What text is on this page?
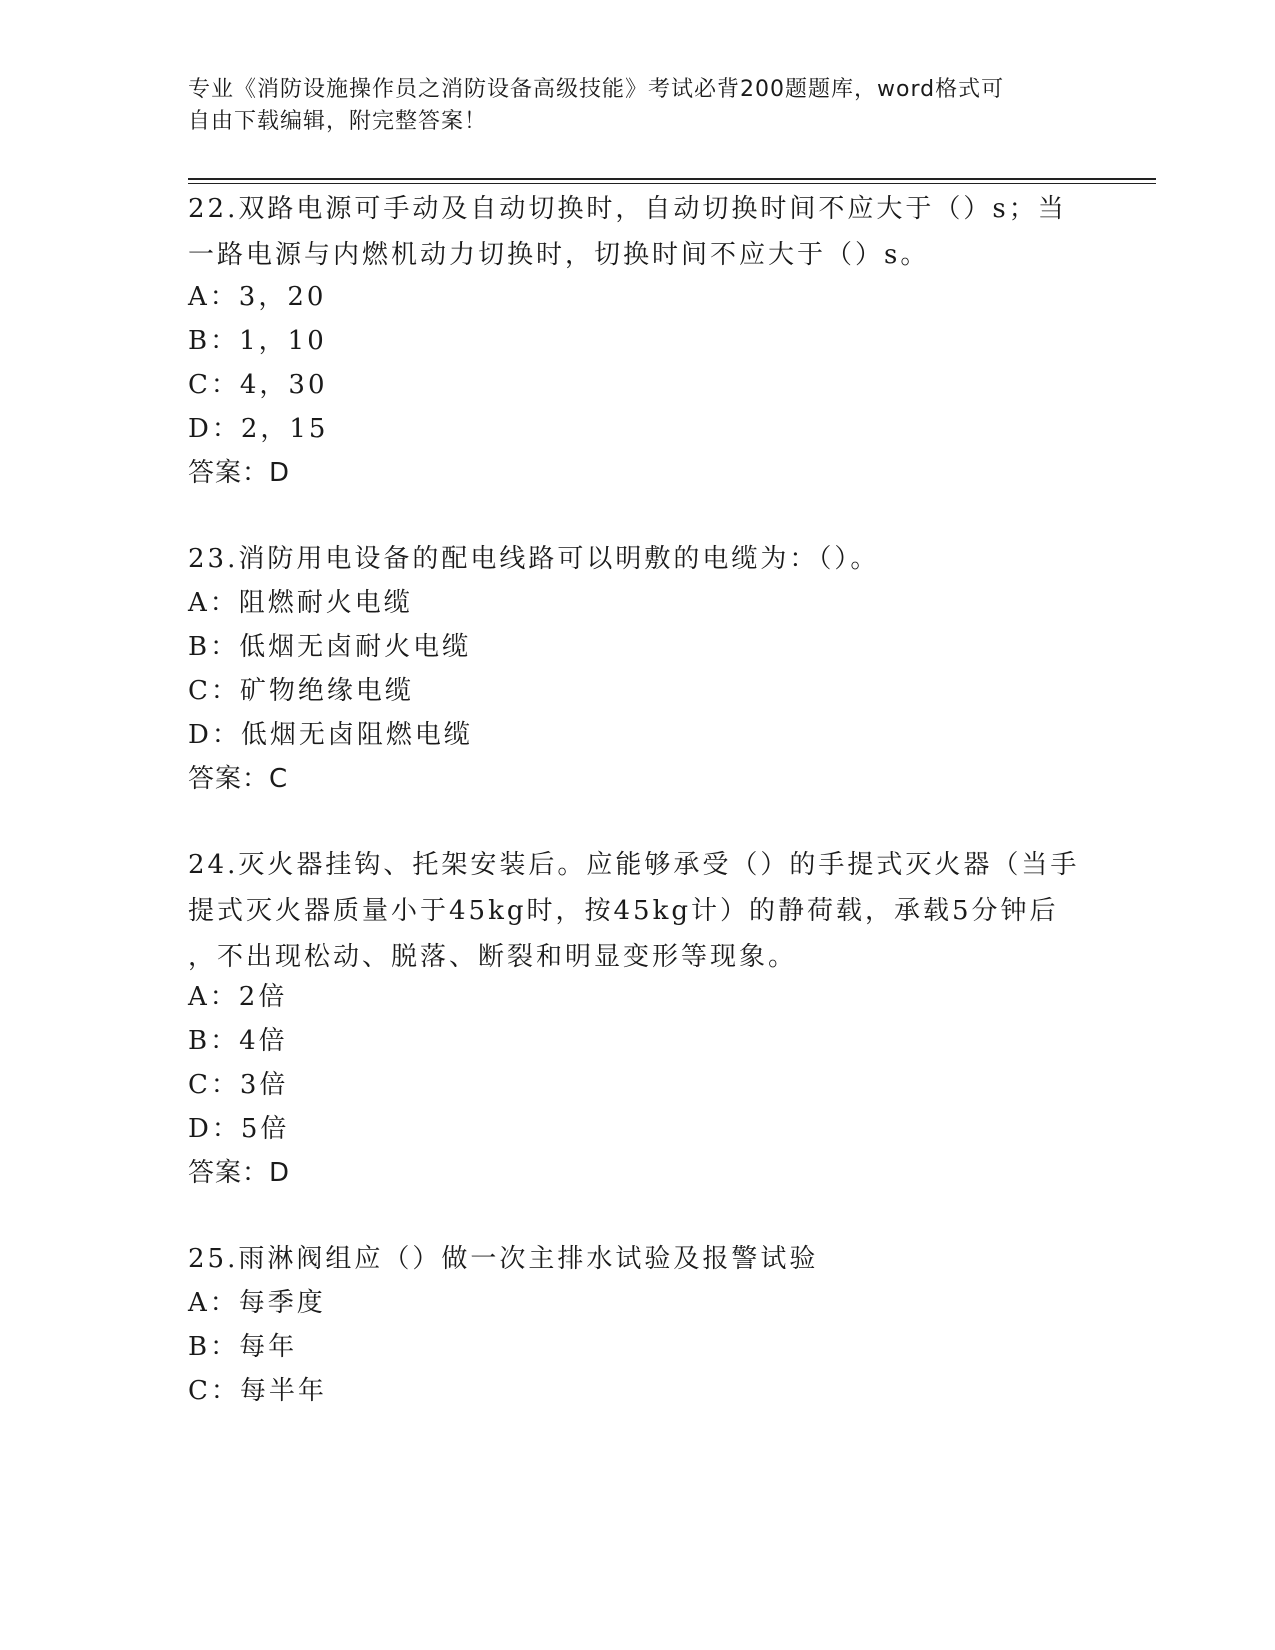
专业《消防设施操作员之消防设备高级技能》考试必背200题题库，word格式可
自由下载编辑，附完整答案！
22.双路电源可手动及自动切换时，自动切换时间不应大于（）s；当
一路电源与内燃机动力切换时，切换时间不应大于（）s。
A：3，20
B：1，10
C：4，30
D：2，15
答案：D
23.消防用电设备的配电线路可以明敷的电缆为：（）。
A：阻燃耐火电缆
B：低烟无卤耐火电缆
C：矿物绝缘电缆
D：低烟无卤阻燃电缆
答案：C
24.灭火器挂钩、托架安装后。应能够承受（）的手提式灭火器（当手
提式灭火器质量小于45kg时，按45kg计）的静荷载，承载5分钟后
，不出现松动、脱落、断裂和明显变形等现象。
A：2倍
B：4倍
C：3倍
D：5倍
答案：D
25.雨淋阀组应（）做一次主排水试验及报警试验
A：每季度
B：每年
C：每半年
